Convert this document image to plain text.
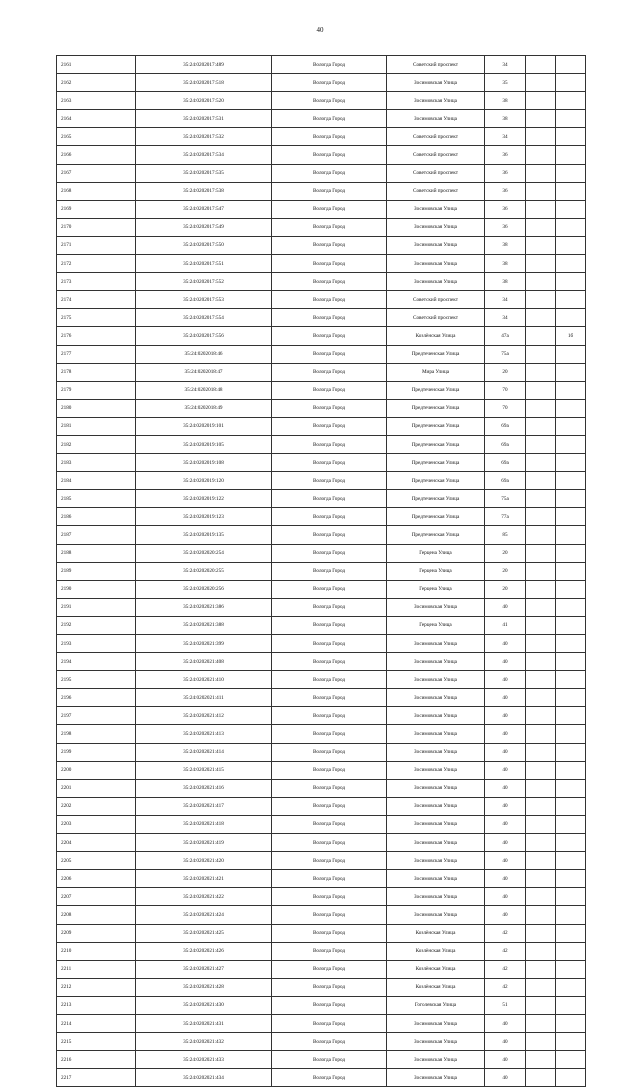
40
2161	35:24:0202017:489	Вологда Город	Советский проспект	34		
2162	35:24:0202017:518	Вологда Город	Зосимовская Улица	35		
2163	35:24:0202017:520	Вологда Город	Зосимовская Улица	38		
2164	35:24:0202017:531	Вологда Город	Зосимовская Улица	38		
2165	35:24:0202017:532	Вологда Город	Советский проспект	34		
2166	35:24:0202017:534	Вологда Город	Советский проспект	36		
2167	35:24:0202017:535	Вологда Город	Советский проспект	36		
2168	35:24:0202017:538	Вологда Город	Советский проспект	36		
2169	35:24:0202017:547	Вологда Город	Зосимовская Улица	36		
2170	35:24:0202017:549	Вологда Город	Зосимовская Улица	36		
2171	35:24:0202017:550	Вологда Город	Зосимовская Улица	38		
2172	35:24:0202017:551	Вологда Город	Зосимовская Улица	38		
2173	35:24:0202017:552	Вологда Город	Зосимовская Улица	38		
2174	35:24:0202017:553	Вологда Город	Советский проспект	34		
2175	35:24:0202017:554	Вологда Город	Советский проспект	34		
2176	35:24:0202017:556	Вологда Город	Козлёнская Улица	47а		1б
2177	35:24:0202018:46	Вологда Город	Предтеченская Улица	75а		
2178	35:24:0202018:47	Вологда Город	Мира Улица	20		
2179	35:24:0202018:48	Вологда Город	Предтеченская Улица	70		
2180	35:24:0202018:49	Вологда Город	Предтеченская Улица	70		
2181	35:24:0202019:101	Вологда Город	Предтеченская Улица	69а		
2182	35:24:0202019:105	Вологда Город	Предтеченская Улица	69а		
2183	35:24:0202019:108	Вологда Город	Предтеченская Улица	69а		
2184	35:24:0202019:120	Вологда Город	Предтеченская Улица	69а		
2185	35:24:0202019:122	Вологда Город	Предтеченская Улица	75а		
2186	35:24:0202019:123	Вологда Город	Предтеченская Улица	77а		
2187	35:24:0202019:135	Вологда Город	Предтеченская Улица	85		
2188	35:24:0202020:254	Вологда Город	Герцена Улица	20		
2189	35:24:0202020:255	Вологда Город	Герцена Улица	20		
2190	35:24:0202020:256	Вологда Город	Герцена Улица	20		
2191	35:24:0202021:386	Вологда Город	Зосимовская Улица	40		
2192	35:24:0202021:388	Вологда Город	Герцена Улица	41		
2193	35:24:0202021:399	Вологда Город	Зосимовская Улица	40		
2194	35:24:0202021:408	Вологда Город	Зосимовская Улица	40		
2195	35:24:0202021:410	Вологда Город	Зосимовская Улица	40		
2196	35:24:0202021:411	Вологда Город	Зосимовская Улица	40		
2197	35:24:0202021:412	Вологда Город	Зосимовская Улица	40		
2198	35:24:0202021:413	Вологда Город	Зосимовская Улица	40		
2199	35:24:0202021:414	Вологда Город	Зосимовская Улица	40		
2200	35:24:0202021:415	Вологда Город	Зосимовская Улица	40		
2201	35:24:0202021:416	Вологда Город	Зосимовская Улица	40		
2202	35:24:0202021:417	Вологда Город	Зосимовская Улица	40		
2203	35:24:0202021:418	Вологда Город	Зосимовская Улица	40		
2204	35:24:0202021:419	Вологда Город	Зосимовская Улица	40		
2205	35:24:0202021:420	Вологда Город	Зосимовская Улица	40		
2206	35:24:0202021:421	Вологда Город	Зосимовская Улица	40		
2207	35:24:0202021:422	Вологда Город	Зосимовская Улица	40		
2208	35:24:0202021:424	Вологда Город	Зосимовская Улица	40		
2209	35:24:0202021:425	Вологда Город	Козлёнская Улица	42		
2210	35:24:0202021:426	Вологда Город	Козлёнская Улица	42		
2211	35:24:0202021:427	Вологда Город	Козлёнская Улица	42		
2212	35:24:0202021:428	Вологда Город	Козлёнская Улица	42		
2213	35:24:0202021:430	Вологда Город	Гоголевская Улица	51		
2214	35:24:0202021:431	Вологда Город	Зосимовская Улица	40		
2215	35:24:0202021:432	Вологда Город	Зосимовская Улица	40		
2216	35:24:0202021:433	Вологда Город	Зосимовская Улица	40		
2217	35:24:0202021:434	Вологда Город	Зосимовская Улица	40		
